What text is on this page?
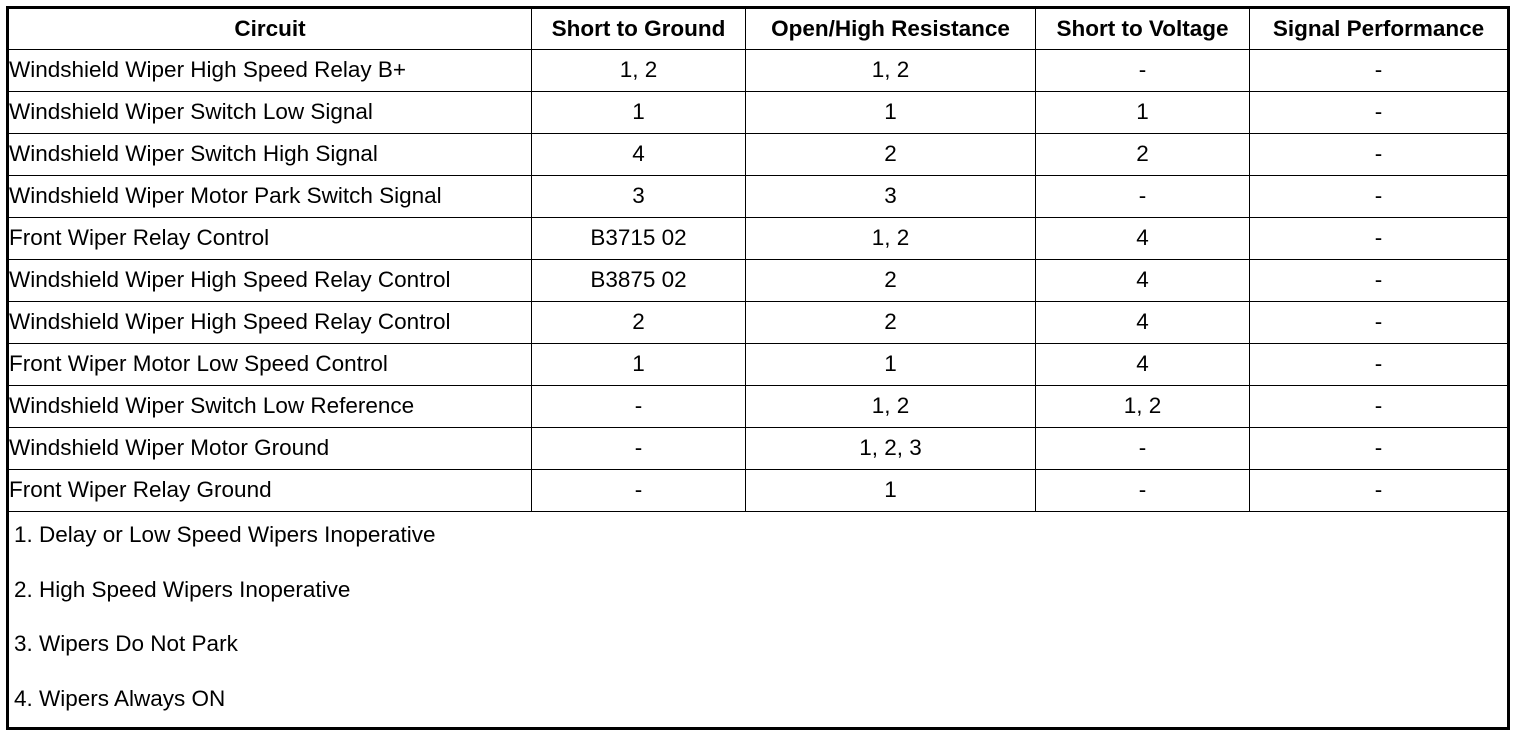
Circuit	Short to Ground	Open/High Resistance	Short to Voltage	Signal Performance
Windshield Wiper High Speed Relay B+	1, 2	1, 2	-	-
Windshield Wiper Switch Low Signal	1	1	1	-
Windshield Wiper Switch High Signal	4	2	2	-
Windshield Wiper Motor Park Switch Signal	3	3	-	-
Front Wiper Relay Control	B3715 02	1, 2	4	-
Windshield Wiper High Speed Relay Control	B3875 02	2	4	-
Windshield Wiper High Speed Relay Control	2	2	4	-
Front Wiper Motor Low Speed Control	1	1	4	-
Windshield Wiper Switch Low Reference	-	1, 2	1, 2	-
Windshield Wiper Motor Ground	-	1, 2, 3	-	-
Front Wiper Relay Ground	-	1	-	-

1. Delay or Low Speed Wipers Inoperative
2. High Speed Wipers Inoperative
3. Wipers Do Not Park
4. Wipers Always ON				
